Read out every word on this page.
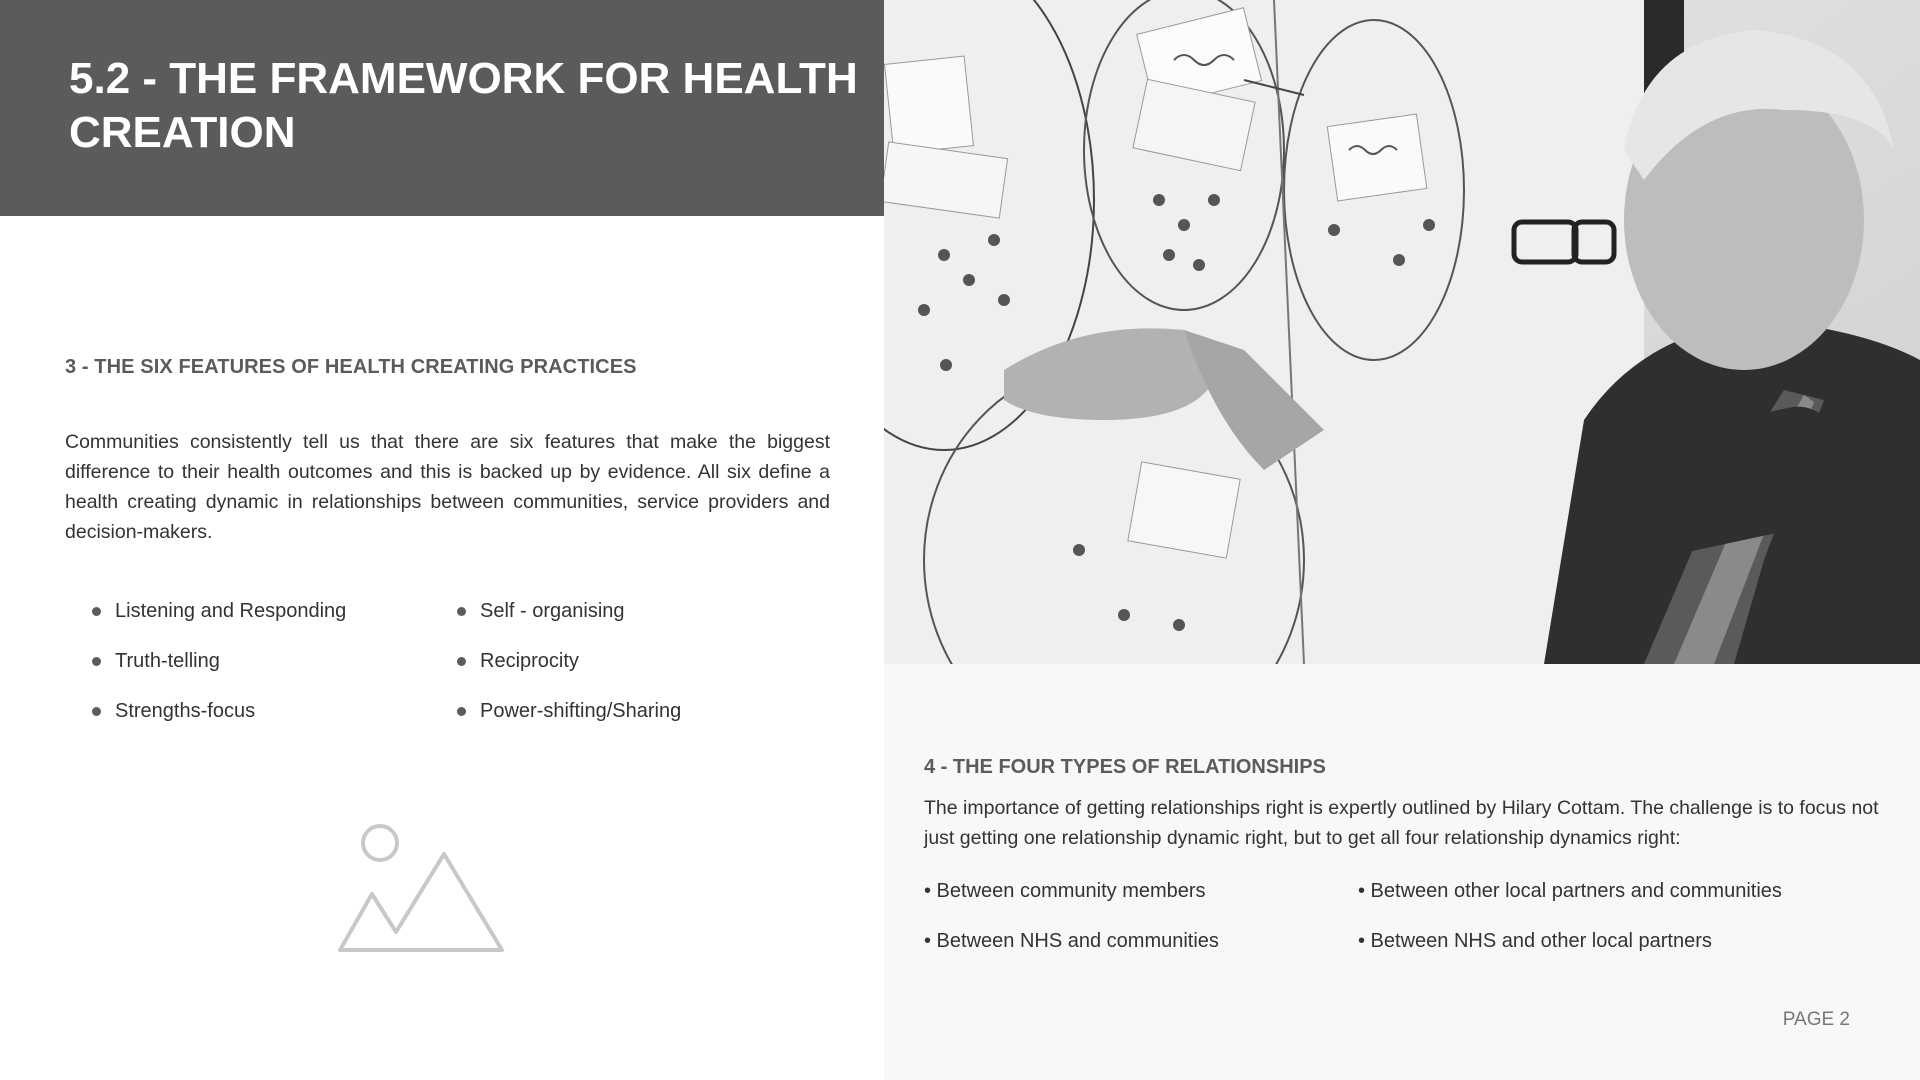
5.2 - THE FRAMEWORK FOR HEALTH CREATION
3 - THE SIX FEATURES OF HEALTH CREATING PRACTICES

Communities consistently tell us that there are six features that make the biggest difference to their health outcomes and this is backed up by evidence. All six define a health creating dynamic in relationships between communities, service providers and decision-makers.

Listening and Responding	Self - organising
Truth-telling	Reciprocity
Strengths-focus	Power-shifting/Sharing
4 - THE FOUR TYPES OF RELATIONSHIPS

The importance of getting relationships right is expertly outlined by Hilary Cottam. The challenge is to focus not just getting one relationship dynamic right, but to get all four relationship dynamics right:

• Between community members	• Between other local partners and communities
• Between NHS and communities	• Between NHS and other local partners

PAGE 2
